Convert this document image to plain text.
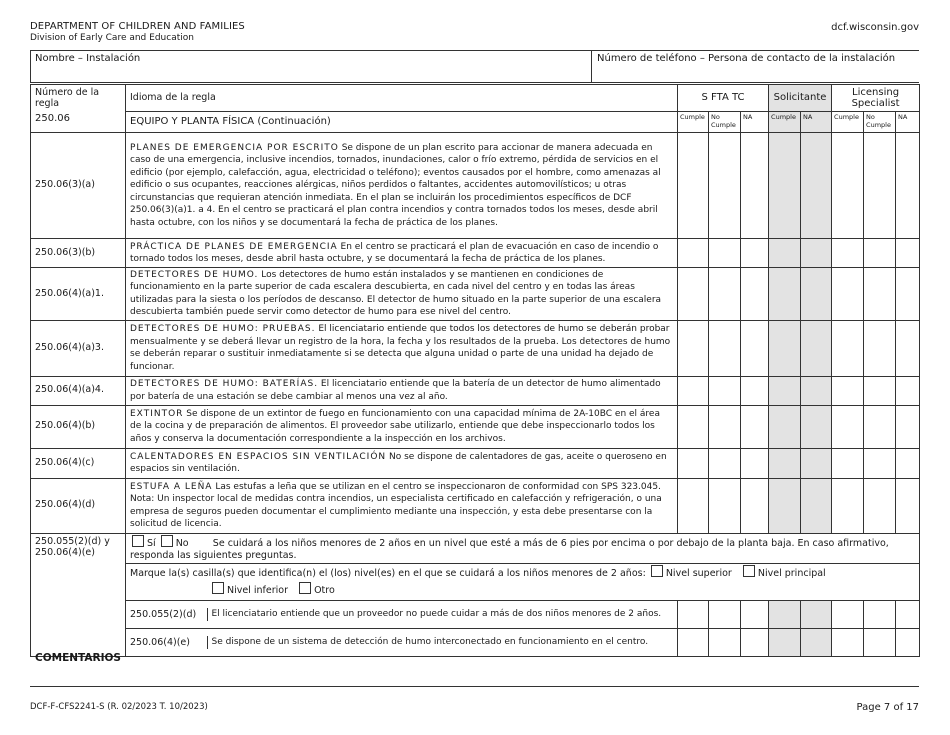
DEPARTMENT OF CHILDREN AND FAMILIES
Division of Early Care and Education
dcf.wisconsin.gov
Nombre – Instalación	Número de teléfono – Persona de contacto de la instalación
Número de la regla	Idioma de la regla	S FTA TC	Solicitante	Licensing Specialist
EQUIPO Y PLANTA FÍSICA (Continuación)	Cumple	No Cumple	NA	Cumple	NA	Cumple	No Cumple	NA
250.06(3)(a)	PLANES DE EMERGENCIA POR ESCRITO Se dispone de un plan escrito para accionar de manera adecuada en caso de una emergencia, inclusive incendios, tornados, inundaciones, calor o frío extremo, pérdida de servicios en el edificio (por ejemplo, calefacción, agua, electricidad o teléfono); eventos causados por el hombre, como amenazas al edificio o sus ocupantes, reacciones alérgicas, niños perdidos o faltantes, accidentes automovilísticos; u otras circunstancias que requieran atención inmediata. En el plan se incluirán los procedimientos específicos de DCF 250.06(3)(a)1. a 4. En el centro se practicará el plan contra incendios y contra tornados todos los meses, desde abril hasta octubre, con los niños y se documentará la fecha de práctica de los planes.								
250.06(3)(b)	PRÁCTICA DE PLANES DE EMERGENCIA En el centro se practicará el plan de evacuación en caso de incendio o tornado todos los meses, desde abril hasta octubre, y se documentará la fecha de práctica de los planes.								
250.06(4)(a)1.	DETECTORES DE HUMO. Los detectores de humo están instalados y se mantienen en condiciones de funcionamiento en la parte superior de cada escalera descubierta, en cada nivel del centro y en todas las áreas utilizadas para la siesta o los períodos de descanso. El detector de humo situado en la parte superior de una escalera descubierta también puede servir como detector de humo para ese nivel del centro.								
250.06(4)(a)3.	DETECTORES DE HUMO: PRUEBAS. El licenciatario entiende que todos los detectores de humo se deberán probar mensualmente y se deberá llevar un registro de la hora, la fecha y los resultados de la prueba. Los detectores de humo se deberán reparar o sustituir inmediatamente si se detecta que alguna unidad o parte de una unidad ha dejado de funcionar.								
250.06(4)(a)4.	DETECTORES DE HUMO: BATERÍAS. El licenciatario entiende que la batería de un detector de humo alimentado por batería de una estación se debe cambiar al menos una vez al año.								
250.06(4)(b)	EXTINTOR Se dispone de un extintor de fuego en funcionamiento con una capacidad mínima de 2A-10BC en el área de la cocina y de preparación de alimentos. El proveedor sabe utilizarlo, entiende que debe inspeccionarlo todos los años y conserva la documentación correspondiente a la inspección en los archivos.								
250.06(4)(c)	CALENTADORES EN ESPACIOS SIN VENTILACIÓN No se dispone de calentadores de gas, aceite o queroseno en espacios sin ventilación.								
250.06(4)(d)	ESTUFA A LEÑA Las estufas a leña que se utilizan en el centro se inspeccionaron de conformidad con SPS 323.045. Nota: Un inspector local de medidas contra incendios, un especialista certificado en calefacción y refrigeración, o una empresa de seguros pueden documentar el cumplimiento mediante una inspección, y esta debe presentarse con la solicitud de licencia.								
250.055(2)(d) y 250.06(4)(e)	Sí No	Se cuidará a los niños menores de 2 años en un nivel que esté a más de 6 pies por encima o por debajo de la planta baja. En caso afirmativo, responda las siguientes preguntas.
Marque la(s) casilla(s) que identifica(n) el (los) nivel(es) en el que se cuidará a los niños menores de 2 años: Nivel superior	Nivel principal
Nivel inferior	Otro

250.055(2)(d)	El licenciatario entiende que un proveedor no puede cuidar a más de dos niños menores de 2 años.

250.06(4)(e)	Se dispone de un sistema de detección de humo interconectado en funcionamiento en el centro.

250.06
COMENTARIOS
DCF-F-CFS2241-S (R. 02/2023 T. 10/2023)	Page 7 of 17
